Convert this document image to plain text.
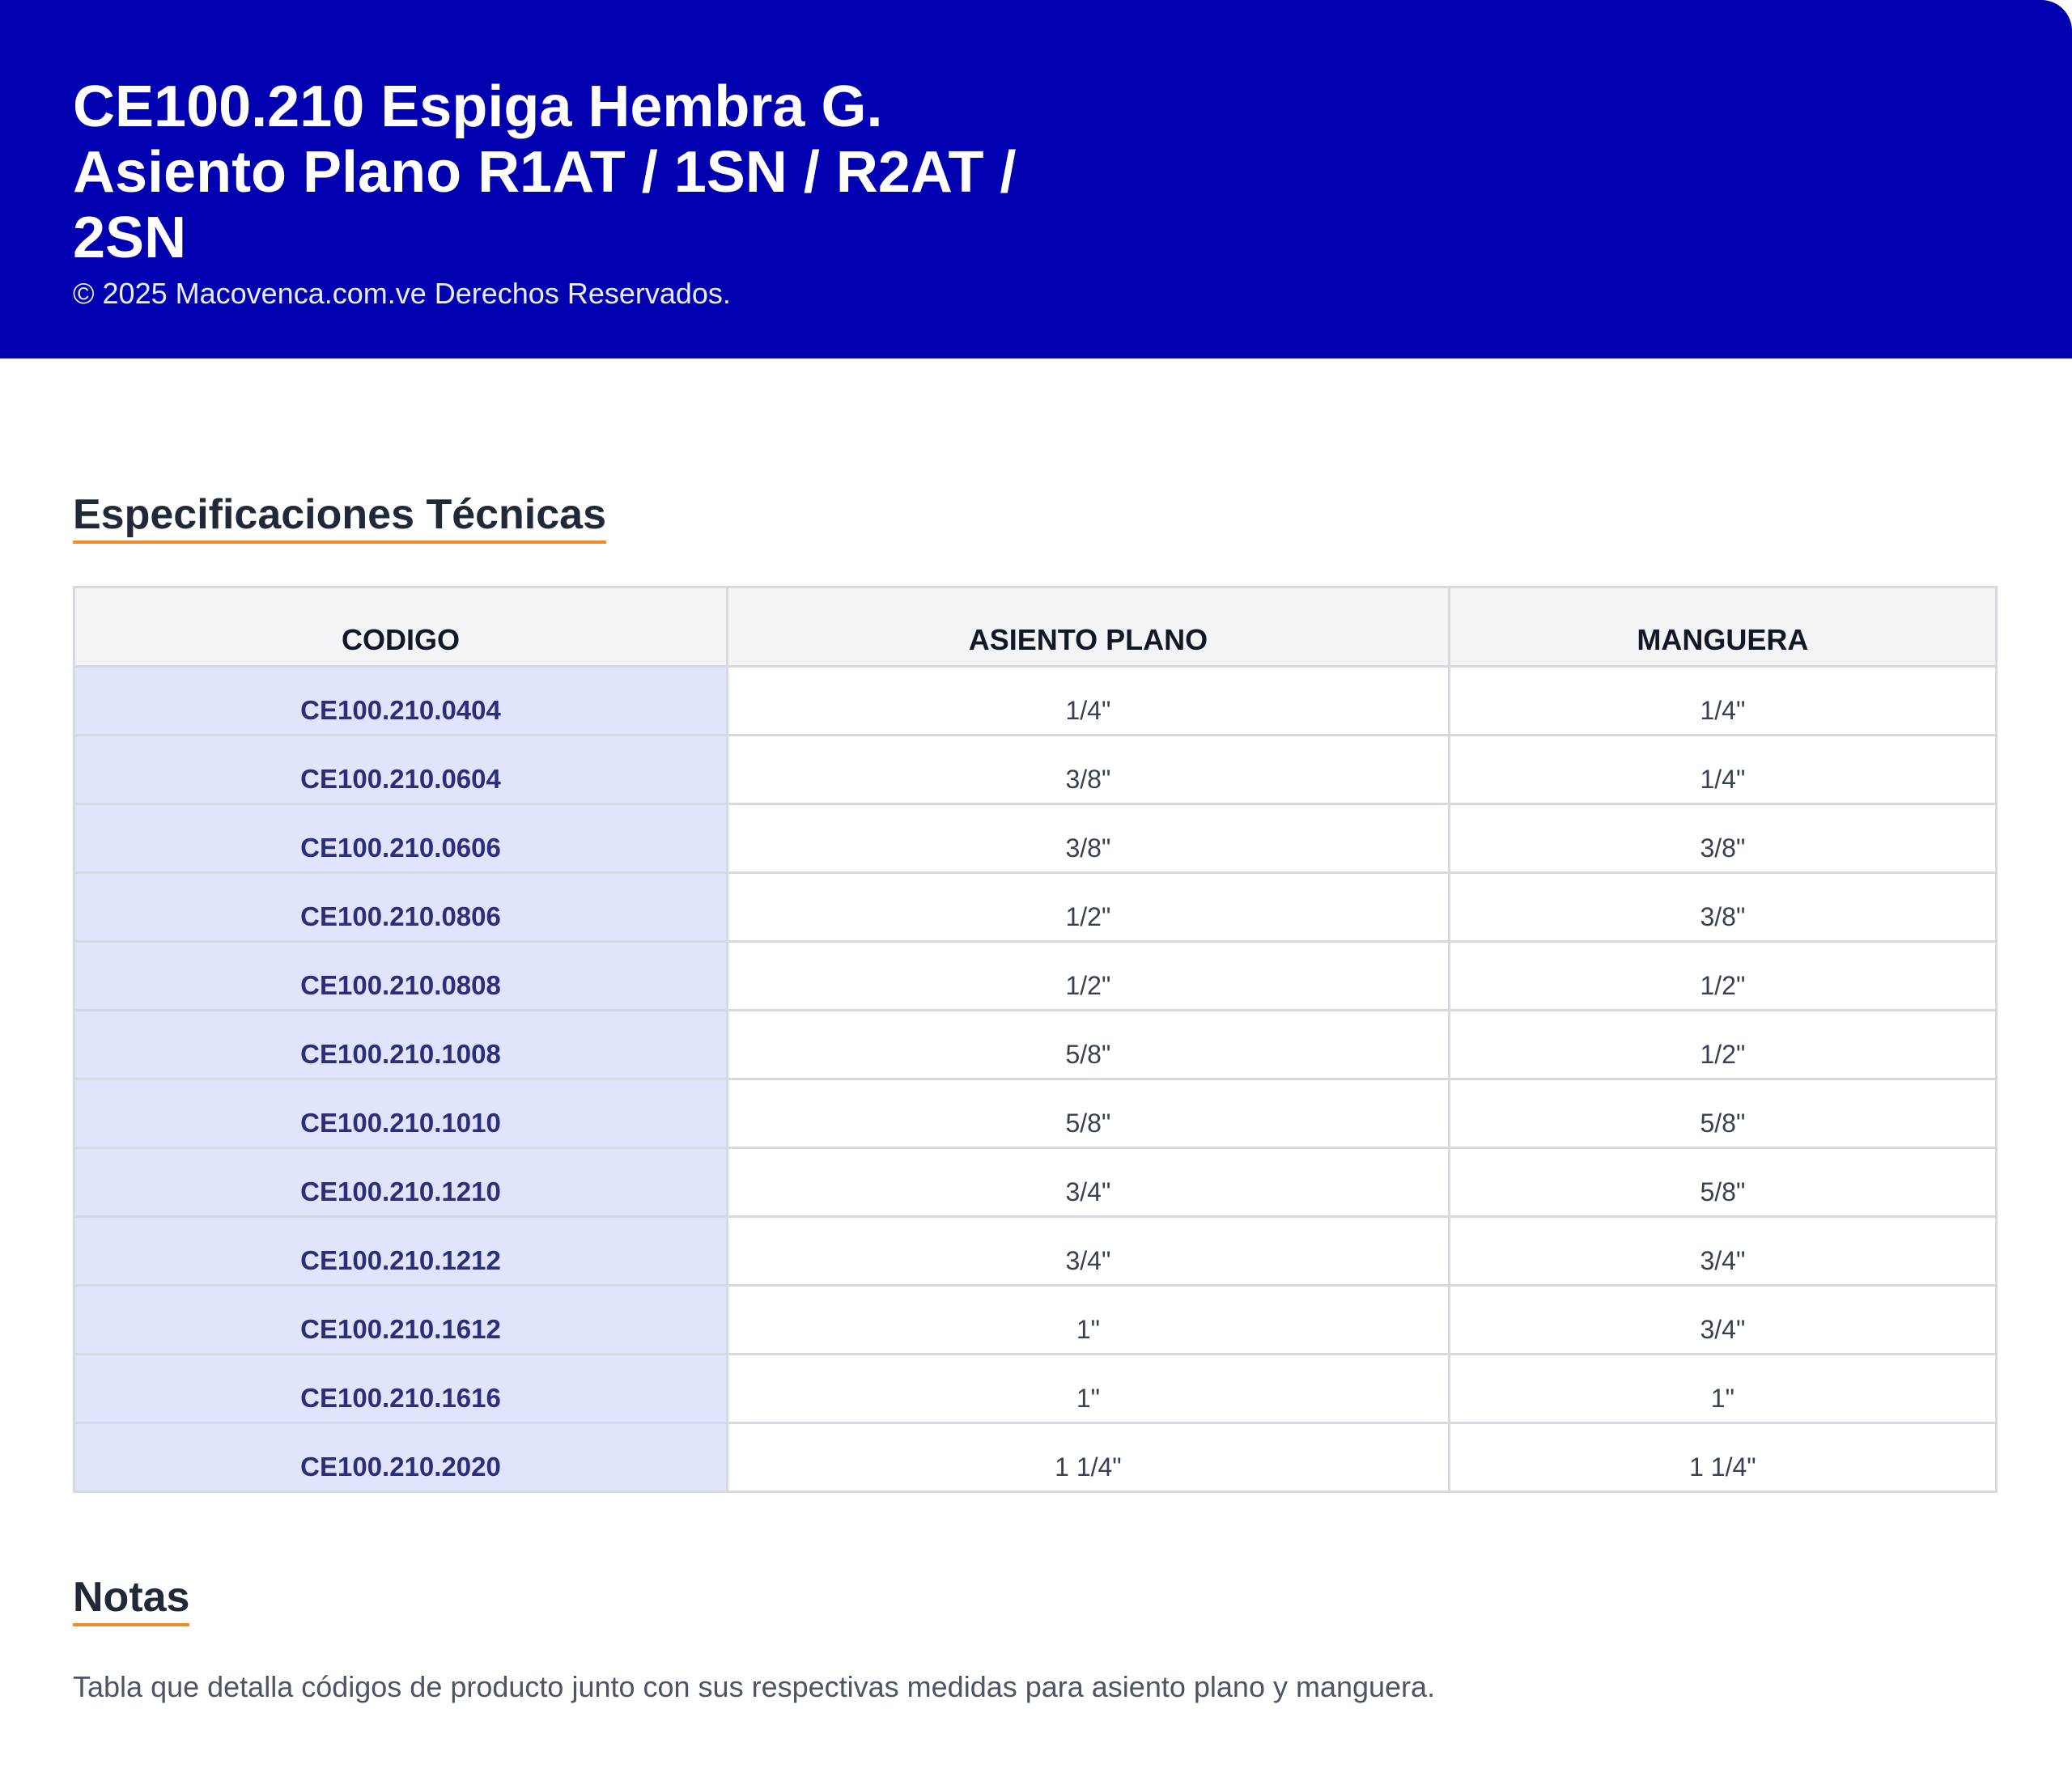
CE100.210 Espiga Hembra G. Asiento Plano R1AT / 1SN / R2AT / 2SN
© 2025 Macovenca.com.ve Derechos Reservados.
Especificaciones Técnicas
CODIGO	ASIENTO PLANO	MANGUERA
CE100.210.0404	1/4"	1/4"
CE100.210.0604	3/8"	1/4"
CE100.210.0606	3/8"	3/8"
CE100.210.0806	1/2"	3/8"
CE100.210.0808	1/2"	1/2"
CE100.210.1008	5/8"	1/2"
CE100.210.1010	5/8"	5/8"
CE100.210.1210	3/4"	5/8"
CE100.210.1212	3/4"	3/4"
CE100.210.1612	1"	3/4"
CE100.210.1616	1"	1"
CE100.210.2020	1 1/4"	1 1/4"
Notas

Tabla que detalla códigos de producto junto con sus respectivas medidas para asiento plano y manguera.
